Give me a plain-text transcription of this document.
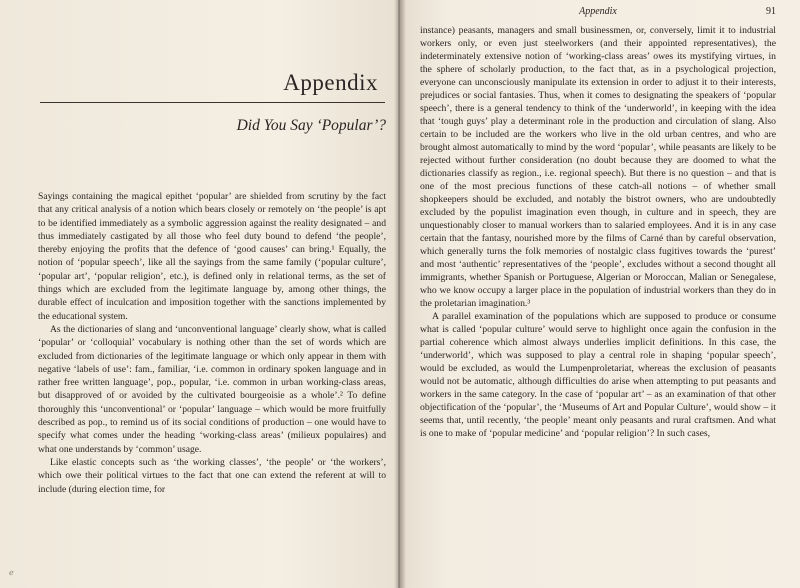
Appendix
Did You Say ‘Popular’?

Sayings containing the magical epithet ‘popular’ are shielded from scrutiny by the fact that any critical analysis of a notion which bears closely or remotely on ‘the people’ is apt to be identified immediately as a symbolic aggression against the reality designated – and thus immediately castigated by all those who feel duty bound to defend ‘the people’, thereby enjoying the profits that the defence of ‘good causes’ can bring.¹ Equally, the notion of ‘popular speech’, like all the sayings from the same family (‘popular culture’, ‘popular art’, ‘popular religion’, etc.), is defined only in relational terms, as the set of things which are excluded from the legitimate language by, among other things, the durable effect of inculcation and imposition together with the sanctions implemented by the educational system.

As the dictionaries of slang and ‘unconventional language’ clearly show, what is called ‘popular’ or ‘colloquial’ vocabulary is nothing other than the set of words which are excluded from dictionaries of the legitimate language or which only appear in them with negative ‘labels of use’: fam., familiar, ‘i.e. common in ordinary spoken language and in rather free written language’, pop., popular, ‘i.e. common in urban working-class areas, but disapproved of or avoided by the cultivated bourgeoisie as a whole’.² To define thoroughly this ‘unconventional’ or ‘popular’ language – which would be more fruitfully described as pop., to remind us of its social conditions of production – one would have to specify what comes under the heading ‘working-class areas’ (milieux populaires) and what one understands by ‘common’ usage.

Like elastic concepts such as ‘the working classes’, ‘the people’ or ‘the workers’, which owe their political virtues to the fact that one can extend the referent at will to include (during election time, for

Appendix	91

instance) peasants, managers and small businessmen, or, conversely, limit it to industrial workers only, or even just steelworkers (and their appointed representatives), the indeterminately extensive notion of ‘working-class areas’ owes its mystifying virtues, in the sphere of scholarly production, to the fact that, as in a psychological projection, everyone can unconsciously manipulate its extension in order to adjust it to their interests, prejudices or social fantasies. Thus, when it comes to designating the speakers of ‘popular speech’, there is a general tendency to think of the ‘underworld’, in keeping with the idea that ‘tough guys’ play a determinant role in the production and circulation of slang. Also certain to be included are the workers who live in the old urban centres, and who are brought almost automatically to mind by the word ‘popular’, while peasants are likely to be rejected without further consideration (no doubt because they are doomed to what the dictionaries classify as region., i.e. regional speech). But there is no question – and that is one of the most precious functions of these catch-all notions – of whether small shopkeepers should be excluded, and notably the bistrot owners, who are undoubtedly excluded by the populist imagination even though, in culture and in speech, they are unquestionably closer to manual workers than to salaried employees. And it is in any case certain that the fantasy, nourished more by the films of Carné than by careful observation, which generally turns the folk memories of nostalgic class fugitives towards the ‘purest’ and most ‘authentic’ representatives of the ‘people’, excludes without a second thought all immigrants, whether Spanish or Portuguese, Algerian or Moroccan, Malian or Senegalese, who we know occupy a larger place in the population of industrial workers than they do in the proletarian imagination.³

A parallel examination of the populations which are supposed to produce or consume what is called ‘popular culture’ would serve to highlight once again the confusion in the partial coherence which almost always underlies implicit definitions. In this case, the ‘underworld’, which was supposed to play a central role in shaping ‘popular speech’, would be excluded, as would the Lumpenproletariat, whereas the exclusion of peasants would not be automatic, although difficulties do arise when attempting to put peasants and workers in the same category. In the case of ‘popular art’ – as an examination of that other objectification of the ‘popular’, the ‘Museums of Art and Popular Culture’, would show – it seems that, until recently, ‘the people’ meant only peasants and rural craftsmen. And what is one to make of ‘popular medicine’ and ‘popular religion’? In such cases,

ℯ
